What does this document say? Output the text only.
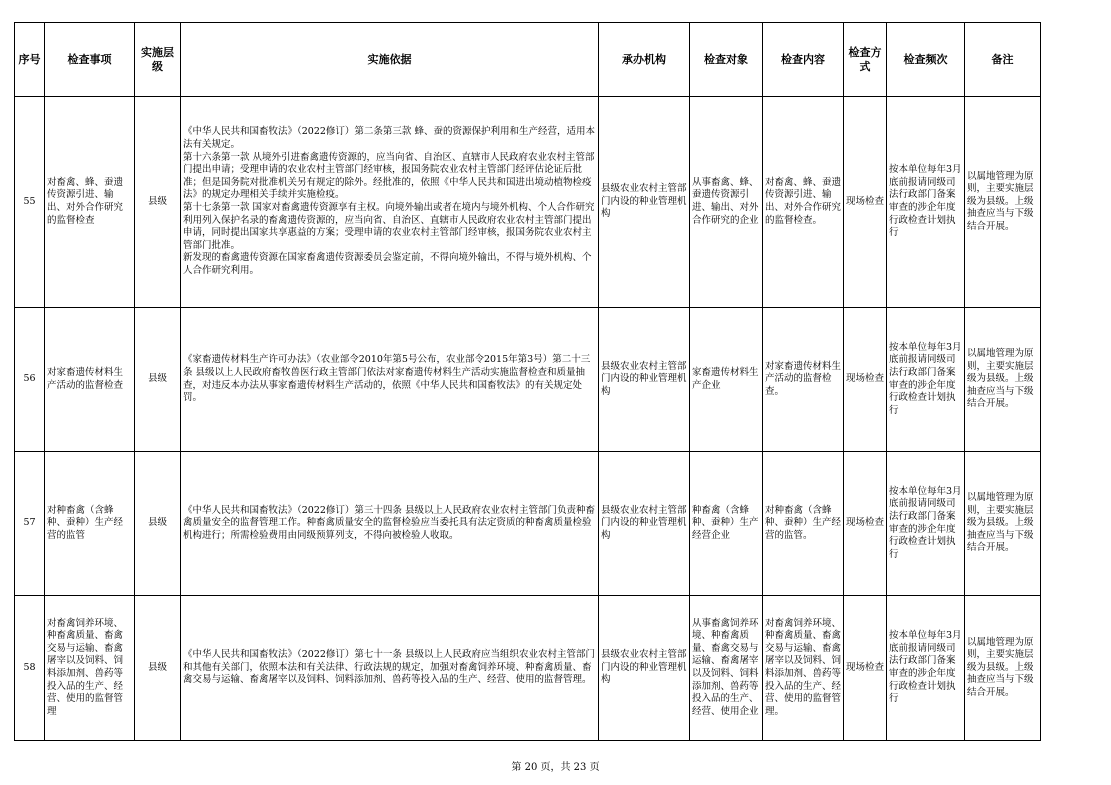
序号	检查事项	实施层级	实施依据	承办机构	检查对象	检查内容	检查方式	检查频次	备注
55	对畜禽、蜂、蚕遗传资源引进、输出、对外合作研究的监督检查	县级	《中华人民共和国畜牧法》（2022修订）第二条第三款 蜂、蚕的资源保护利用和生产经营，适用本法有关规定。
第十六条第一款 从境外引进畜禽遗传资源的，应当向省、自治区、直辖市人民政府农业农村主管部门提出申请；受理申请的农业农村主管部门经审核，报国务院农业农村主管部门经评估论证后批准；但是国务院对批准机关另有规定的除外。经批准的，依照《中华人民共和国进出境动植物检疫法》的规定办理相关手续并实施检疫。
第十七条第一款 国家对畜禽遗传资源享有主权。向境外输出或者在境内与境外机构、个人合作研究利用列入保护名录的畜禽遗传资源的，应当向省、自治区、直辖市人民政府农业农村主管部门提出申请，同时提出国家共享惠益的方案；受理申请的农业农村主管部门经审核，报国务院农业农村主管部门批准。
新发现的畜禽遗传资源在国家畜禽遗传资源委员会鉴定前，不得向境外输出，不得与境外机构、个人合作研究利用。	县级农业农村主管部门内设的种业管理机构	从事畜禽、蜂、蚕遗传资源引进、输出、对外合作研究的企业	对畜禽、蜂、蚕遗传资源引进、输出、对外合作研究的监督检查。	现场检查	按本单位每年3月底前报请同级司法行政部门备案审查的涉企年度行政检查计划执行	以属地管理为原则，主要实施层级为县级。上级抽查应当与下级结合开展。
56	对家畜遗传材料生产活动的监督检查	县级	《家畜遗传材料生产许可办法》（农业部令2010年第5号公布，农业部令2015年第3号）第二十三条 县级以上人民政府畜牧兽医行政主管部门依法对家畜遗传材料生产活动实施监督检查和质量抽查，对违反本办法从事家畜遗传材料生产活动的，依照《中华人民共和国畜牧法》的有关规定处罚。	县级农业农村主管部门内设的种业管理机构	家畜遗传材料生产企业	对家畜遗传材料生产活动的监督检查。	现场检查	按本单位每年3月底前报请同级司法行政部门备案审查的涉企年度行政检查计划执行	以属地管理为原则，主要实施层级为县级。上级抽查应当与下级结合开展。
57	对种畜禽（含蜂种、蚕种）生产经营的监管	县级	《中华人民共和国畜牧法》（2022修订）第三十四条 县级以上人民政府农业农村主管部门负责种畜禽质量安全的监督管理工作。种畜禽质量安全的监督检验应当委托具有法定资质的种畜禽质量检验机构进行；所需检验费用由同级预算列支，不得向被检验人收取。	县级农业农村主管部门内设的种业管理机构	种畜禽（含蜂种、蚕种）生产经营企业	对种畜禽（含蜂种、蚕种）生产经营的监管。	现场检查	按本单位每年3月底前报请同级司法行政部门备案审查的涉企年度行政检查计划执行	以属地管理为原则，主要实施层级为县级。上级抽查应当与下级结合开展。
58	对畜禽饲养环境、种畜禽质量、畜禽交易与运输、畜禽屠宰以及饲料、饲料添加剂、兽药等投入品的生产、经营、使用的监督管理	县级	《中华人民共和国畜牧法》（2022修订）第七十一条 县级以上人民政府应当组织农业农村主管部门和其他有关部门，依照本法和有关法律、行政法规的规定，加强对畜禽饲养环境、种畜禽质量、畜禽交易与运输、畜禽屠宰以及饲料、饲料添加剂、兽药等投入品的生产、经营、使用的监督管理。	县级农业农村主管部门内设的种业管理机构	从事畜禽饲养环境、种畜禽质量、畜禽交易与运输、畜禽屠宰以及饲料、饲料添加剂、兽药等投入品的生产、经营、使用企业	对畜禽饲养环境、种畜禽质量、畜禽交易与运输、畜禽屠宰以及饲料、饲料添加剂、兽药等投入品的生产、经营、使用的监督管理。	现场检查	按本单位每年3月底前报请同级司法行政部门备案审查的涉企年度行政检查计划执行	以属地管理为原则，主要实施层级为县级。上级抽查应当与下级结合开展。
第 20 页，共 23 页
